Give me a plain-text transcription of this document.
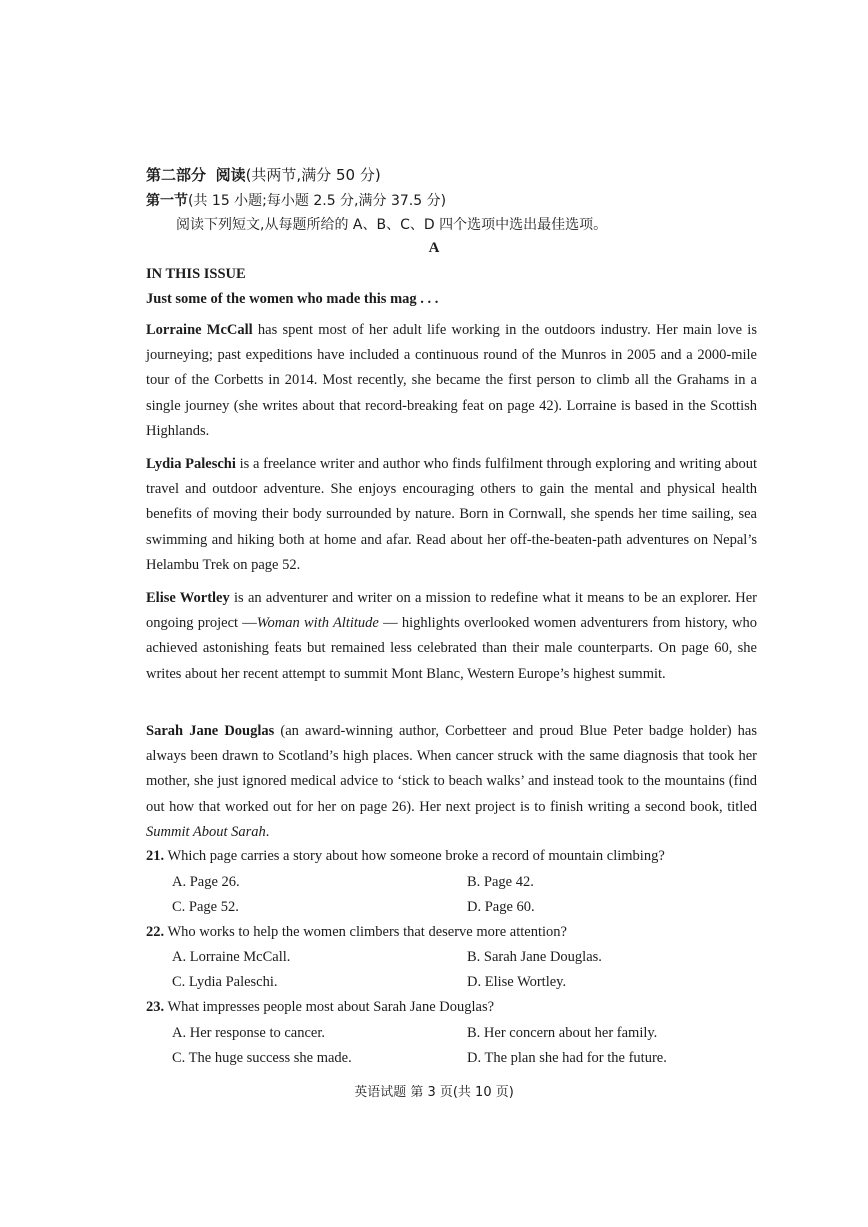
第二部分 阅读(共两节,满分 50 分)
第一节(共 15 小题;每小题 2.5 分,满分 37.5 分)
阅读下列短文,从每题所给的 A、B、C、D 四个选项中选出最佳选项。
A
IN THIS ISSUE
Just some of the women who made this mag . . .

Lorraine McCall has spent most of her adult life working in the outdoors industry. Her main love is journeying; past expeditions have included a continuous round of the Munros in 2005 and a 2000-mile tour of the Corbetts in 2014. Most recently, she became the first person to climb all the Grahams in a single journey (she writes about that record-breaking feat on page 42). Lorraine is based in the Scottish Highlands.

Lydia Paleschi is a freelance writer and author who finds fulfilment through exploring and writing about travel and outdoor adventure. She enjoys encouraging others to gain the mental and physical health benefits of moving their body surrounded by nature. Born in Cornwall, she spends her time sailing, sea swimming and hiking both at home and afar. Read about her off-the-beaten-path adventures on Nepal’s Helambu Trek on page 52.

Elise Wortley is an adventurer and writer on a mission to redefine what it means to be an explorer. Her ongoing project —Woman with Altitude — highlights overlooked women adventurers from history, who achieved astonishing feats but remained less celebrated than their male counterparts. On page 60, she writes about her recent attempt to summit Mont Blanc, Western Europe’s highest summit.

Sarah Jane Douglas (an award-winning author, Corbetteer and proud Blue Peter badge holder) has always been drawn to Scotland’s high places. When cancer struck with the same diagnosis that took her mother, she just ignored medical advice to ‘stick to beach walks’ and instead took to the mountains (find out how that worked out for her on page 26). Her next project is to finish writing a second book, titled Summit About Sarah.

21. Which page carries a story about how someone broke a record of mountain climbing?
A. Page 26.	B. Page 42.
C. Page 52.	D. Page 60.
22. Who works to help the women climbers that deserve more attention?
A. Lorraine McCall.	B. Sarah Jane Douglas.
C. Lydia Paleschi.	D. Elise Wortley.
23. What impresses people most about Sarah Jane Douglas?
A. Her response to cancer.	B. Her concern about her family.
C. The huge success she made.	D. The plan she had for the future.
英语试题 第 3 页(共 10 页)
